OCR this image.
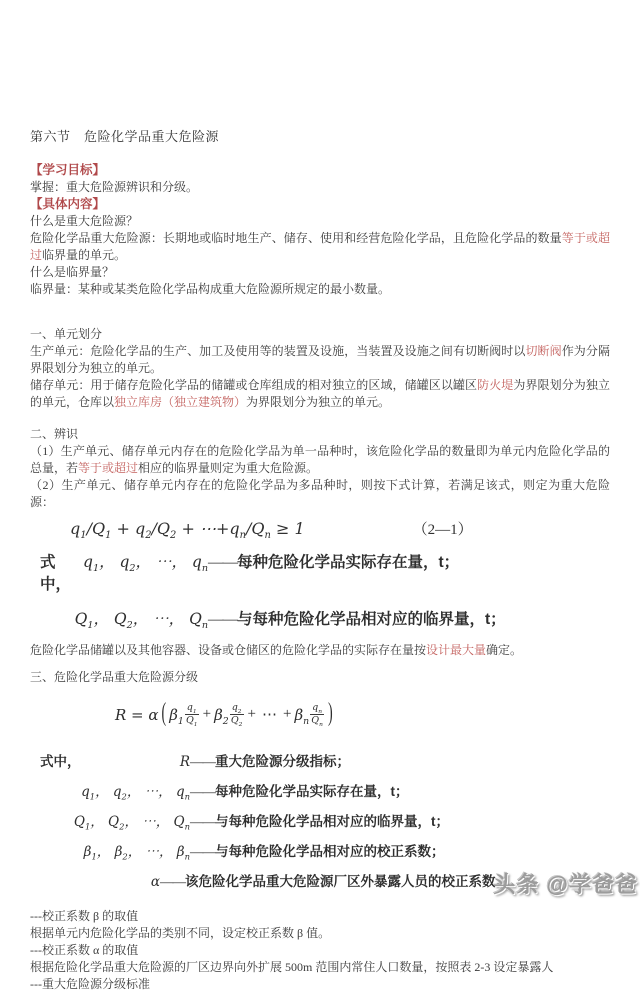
第六节　危险化学品重大危险源
【学习目标】
掌握：重大危险源辨识和分级。
【具体内容】
什么是重大危险源？
危险化学品重大危险源：长期地或临时地生产、储存、使用和经营危险化学品，且危险化学品的数量等于或超过临界量的单元。
什么是临界量？
临界量：某种或某类危险化学品构成重大危险源所规定的最小数量。
一、单元划分
生产单元：危险化学品的生产、加工及使用等的装置及设施，当装置及设施之间有切断阀时以切断阀作为分隔界限划分为独立的单元。
储存单元：用于储存危险化学品的储罐或仓库组成的相对独立的区域，储罐区以罐区防火堤为界限划分为独立的单元，仓库以独立库房（独立建筑物）为界限划分为独立的单元。
二、辨识
（1）生产单元、储存单元内存在的危险化学品为单一品种时，该危险化学品的数量即为单元内危险化学品的总量，若等于或超过相应的临界量则定为重大危险源。
（2）生产单元、储存单元内存在的危险化学品为多品种时，则按下式计算，若满足该式，则定为重大危险源：
$q_1/Q_1 + q_2/Q_2$ + $\cdots+q_n/Q_n \ge 1$	（2—1）
式中，
$q_1$， $q_2$， ⋯， $q_n$ —— 每种危险化学品实际存在量，t；
$Q_1$， $Q_2$， ⋯， $Q_n$ —— 与每种危险化学品相对应的临界量，t；
危险化学品储罐以及其他容器、设备或仓储区的危险化学品的实际存在量按设计最大量确定。
三、危险化学品重大危险源分级
R = α ( $\beta_1 \frac{q_1}{Q_1} + \beta_2 \frac{q_2}{Q_2}$ + ⋯ + $\beta_n \frac{q_n}{Q_n}$ )
式中，	R —— 重大危险源分级指标；
$q_1$， $q_2$， ⋯， $q_n$ —— 每种危险化学品实际存在量，t；
$Q_1$， $Q_2$， ⋯， $Q_n$ —— 与每种危险化学品相对应的临界量，t；
$\beta_1$， $\beta_2$， ⋯， $\beta_n$ —— 与每种危险化学品相对应的校正系数；
α —— 该危险化学品重大危险源厂区外暴露人员的校正系数。
---校正系数 β 的取值
根据单元内危险化学品的类别不同，设定校正系数 β 值。
---校正系数 α 的取值
根据危险化学品重大危险源的厂区边界向外扩展 500m 范围内常住人口数量，按照表 2-3 设定暴露人
---重大危险源分级标准
头条 @学爸爸
